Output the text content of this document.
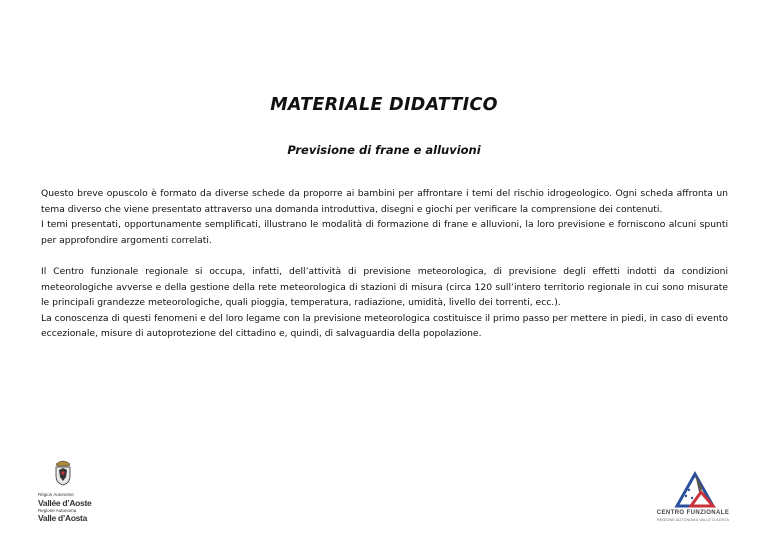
MATERIALE DIDATTICO
Previsione di frane e alluvioni

Questo breve opuscolo è formato da diverse schede da proporre ai bambini per affrontare i temi del rischio idrogeologico. Ogni scheda affronta un tema diverso che viene presentato attraverso una domanda introduttiva, disegni e giochi per verificare la comprensione dei contenuti.

I temi presentati, opportunamente semplificati, illustrano le modalità di formazione di frane e alluvioni, la loro previsione e forniscono alcuni spunti per approfondire argomenti correlati.

Il Centro funzionale regionale si occupa, infatti, dell’attività di previsione meteorologica, di previsione degli effetti indotti da condizioni meteorologiche avverse e della gestione della rete meteorologica di stazioni di misura (circa 120 sull’intero territorio regionale in cui sono misurate le principali grandezze meteorologiche, quali pioggia, temperatura, radiazione, umidità, livello dei torrenti, ecc.).

La conoscenza di questi fenomeni e del loro legame con la previsione meteorologica costituisce il primo passo per mettere in piedi, in caso di evento eccezionale, misure di autoprotezione del cittadino e, quindi, di salvaguardia della popolazione.

Région Autonome
Vallée d’Aoste
Regione Autonoma
Valle d’Aosta	CENTRO FUNZIONALE
REGIONE AUTONOMA VALLE D’AOSTA
